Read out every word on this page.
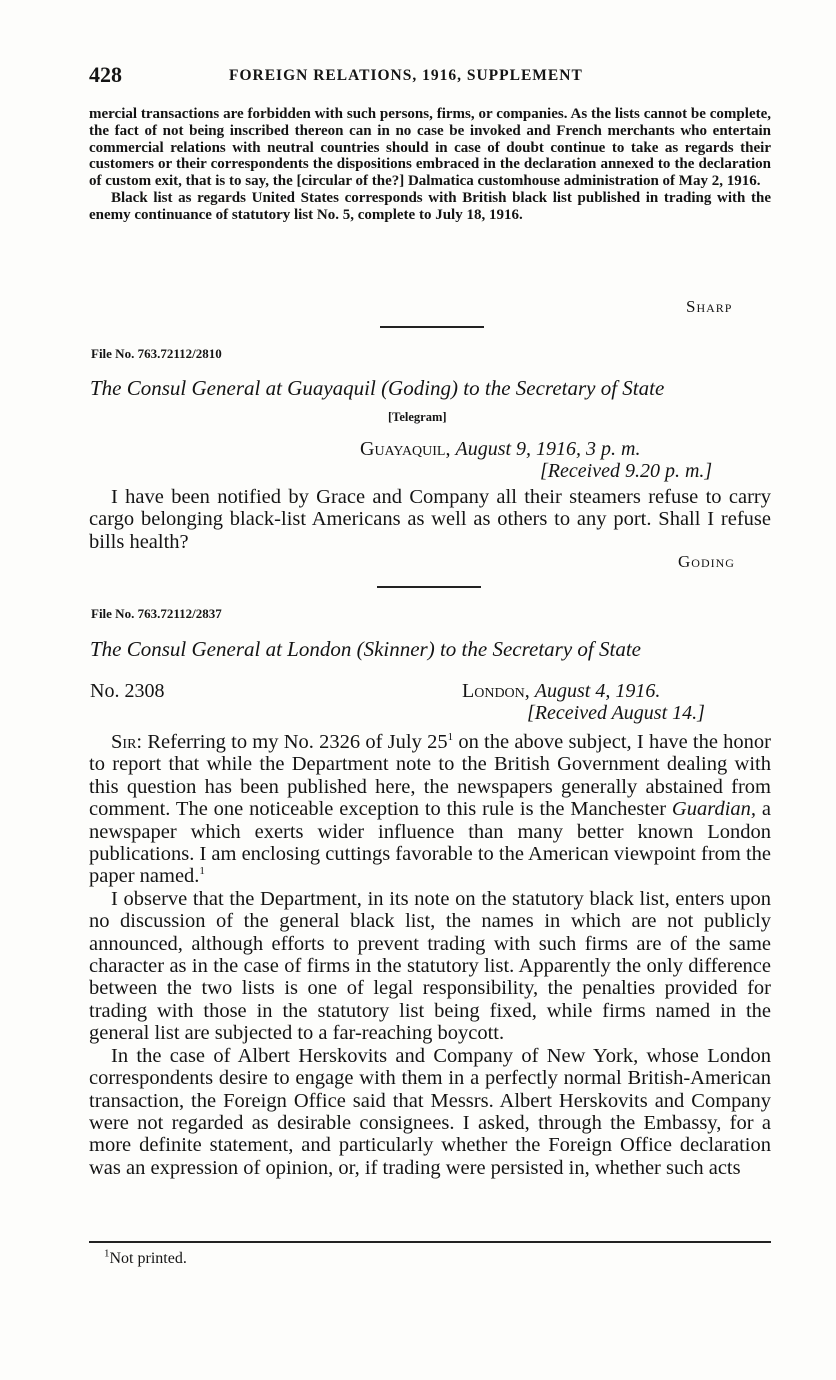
428	FOREIGN RELATIONS, 1916, SUPPLEMENT

mercial transactions are forbidden with such persons, firms, or companies. As the lists cannot be complete, the fact of not being inscribed thereon can in no case be invoked and French merchants who entertain commercial relations with neutral countries should in case of doubt continue to take as regards their customers or their correspondents the dispositions embraced in the declaration annexed to the declaration of custom exit, that is to say, the [circular of the?] Dalmatica customhouse administration of May 2, 1916.

Black list as regards United States corresponds with British black list published in trading with the enemy continuance of statutory list No. 5, complete to July 18, 1916.

Sharp
File No. 763.72112/2810
The Consul General at Guayaquil (Goding) to the Secretary of State
[Telegram]
Guayaquil, August 9, 1916, 3 p. m.
[Received 9.20 p. m.]

I have been notified by Grace and Company all their steamers refuse to carry cargo belonging black-list Americans as well as others to any port. Shall I refuse bills health?

Goding
File No. 763.72112/2837
The Consul General at London (Skinner) to the Secretary of State
No. 2308	London, August 4, 1916.
[Received August 14.]

Sir: Referring to my No. 2326 of July $25^1$ on the above subject, I have the honor to report that while the Department note to the British Government dealing with this question has been published here, the newspapers generally abstained from comment. The one noticeable exception to this rule is the Manchester Guardian, a newspaper which exerts wider influence than many better known London publications. I am enclosing cuttings favorable to the American viewpoint from the paper named.$^1$

I observe that the Department, in its note on the statutory black list, enters upon no discussion of the general black list, the names in which are not publicly announced, although efforts to prevent trading with such firms are of the same character as in the case of firms in the statutory list. Apparently the only difference between the two lists is one of legal responsibility, the penalties provided for trading with those in the statutory list being fixed, while firms named in the general list are subjected to a far-reaching boycott.

In the case of Albert Herskovits and Company of New York, whose London correspondents desire to engage with them in a perfectly normal British-American transaction, the Foreign Office said that Messrs. Albert Herskovits and Company were not regarded as desirable consignees. I asked, through the Embassy, for a more definite statement, and particularly whether the Foreign Office declaration was an expression of opinion, or, if trading were persisted in, whether such acts

$^1$Not printed.
